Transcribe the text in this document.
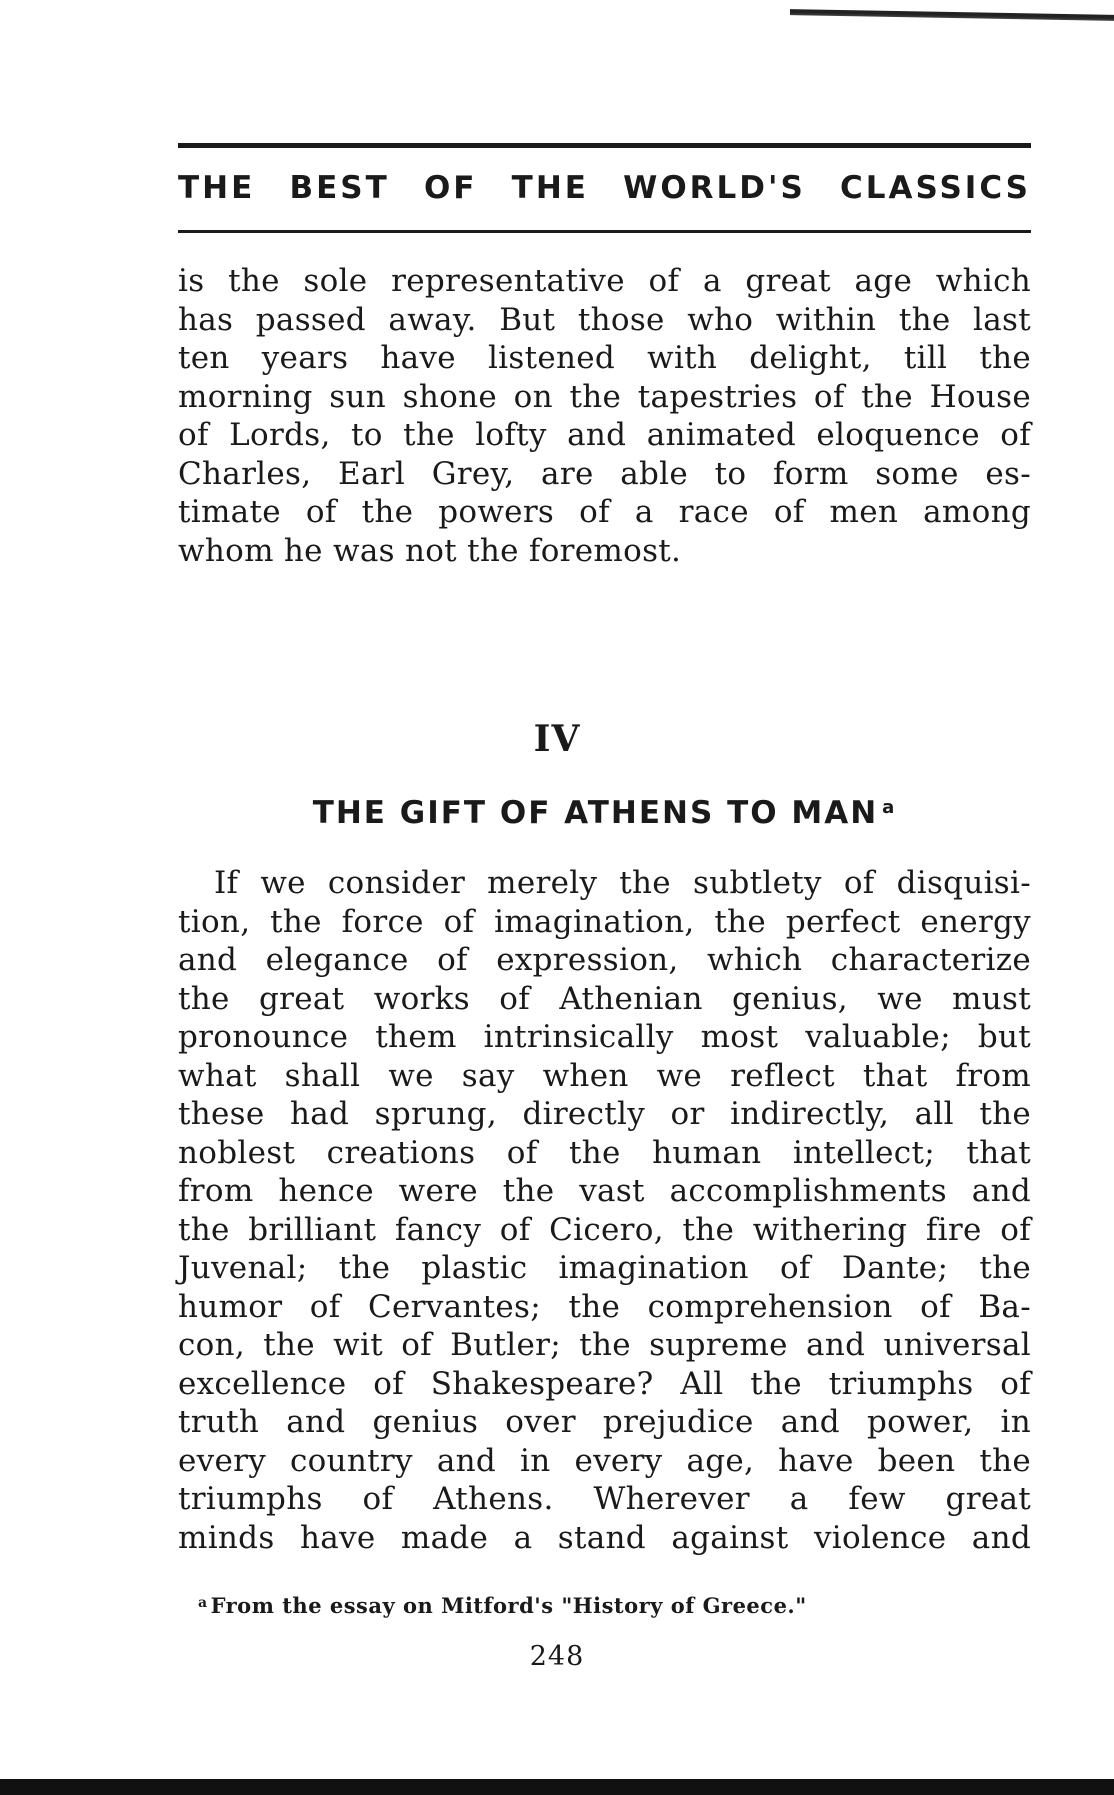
THE BEST OF THE WORLD'S CLASSICS
is the sole representative of a great age which
has passed away. But those who within the last
ten years have listened with delight, till the
morning sun shone on the tapestries of the House
of Lords, to the lofty and animated eloquence of
Charles, Earl Grey, are able to form some es-
timate of the powers of a race of men among
whom he was not the foremost.
IV
THE GIFT OF ATHENS TO MAN $^a$
If we consider merely the subtlety of disquisi-
tion, the force of imagination, the perfect energy
and elegance of expression, which characterize
the great works of Athenian genius, we must
pronounce them intrinsically most valuable; but
what shall we say when we reflect that from
these had sprung, directly or indirectly, all the
noblest creations of the human intellect; that
from hence were the vast accomplishments and
the brilliant fancy of Cicero, the withering fire of
Juvenal; the plastic imagination of Dante; the
humor of Cervantes; the comprehension of Ba-
con, the wit of Butler; the supreme and universal
excellence of Shakespeare? All the triumphs of
truth and genius over prejudice and power, in
every country and in every age, have been the
triumphs of Athens. Wherever a few great
minds have made a stand against violence and
$^a$ From the essay on Mitford's "History of Greece."
248
